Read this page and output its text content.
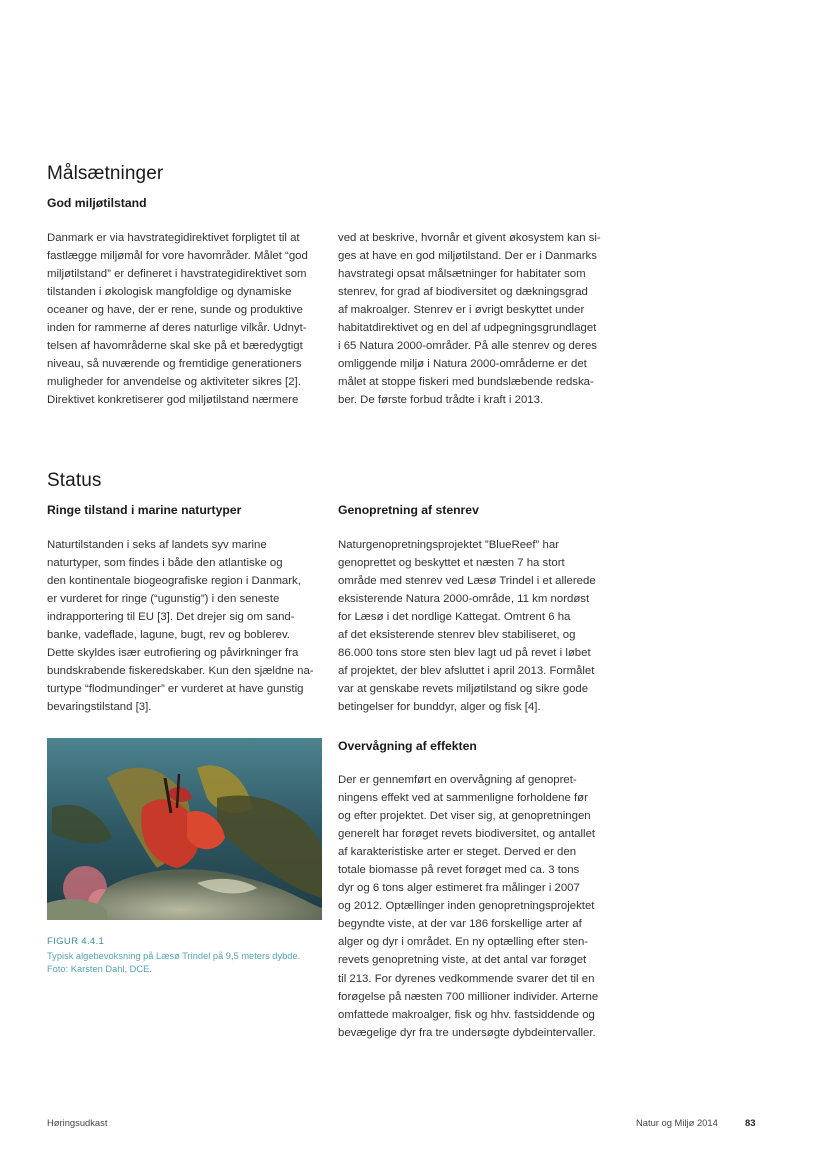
Målsætninger
God miljøtilstand
Danmark er via havstrategidirektivet forpligtet til at
fastlægge miljømål for vore havområder. Målet “god
miljøtilstand” er defineret i havstrategidirektivet som
tilstanden i økologisk mangfoldige og dynamiske
oceaner og have, der er rene, sunde og produktive
inden for rammerne af deres naturlige vilkår. Udnyt-
telsen af havområderne skal ske på et bæredygtigt
niveau, så nuværende og fremtidige generationers
muligheder for anvendelse og aktiviteter sikres [2].
Direktivet konkretiserer god miljøtilstand nærmere
ved at beskrive, hvornår et givent økosystem kan si-
ges at have en god miljøtilstand. Der er i Danmarks
havstrategi opsat målsætninger for habitater som
stenrev, for grad af biodiversitet og dækningsgrad
af makroalger. Stenrev er i øvrigt beskyttet under
habitatdirektivet og en del af udpegningsgrundlaget
i 65 Natura 2000-områder. På alle stenrev og deres
omliggende miljø i Natura 2000-områderne er det
målet at stoppe fiskeri med bundslæbende redska-
ber. De første forbud trådte i kraft i 2013.
Status
Ringe tilstand i marine naturtyper	Genopretning af stenrev
Naturtilstanden i seks af landets syv marine
naturtyper, som findes i både den atlantiske og
den kontinentale biogeografiske region i Danmark,
er vurderet for ringe (“ugunstig”) i den seneste
indrapportering til EU [3]. Det drejer sig om sand-
banke, vadeflade, lagune, bugt, rev og boblerev.
Dette skyldes især eutrofiering og påvirkninger fra
bundskrabende fiskeredskaber. Kun den sjældne na-
turtype “flodmundinger” er vurderet at have gunstig
bevaringstilstand [3].
Naturgenopretningsprojektet ”BlueReef” har
genoprettet og beskyttet et næsten 7 ha stort
område med stenrev ved Læsø Trindel i et allerede
eksisterende Natura 2000-område, 11 km nordøst
for Læsø i det nordlige Kattegat. Omtrent 6 ha
af det eksisterende stenrev blev stabiliseret, og
86.000 tons store sten blev lagt ud på revet i løbet
af projektet, der blev afsluttet i april 2013. Formålet
var at genskabe revets miljøtilstand og sikre gode
betingelser for bunddyr, alger og fisk [4].
FIGUR 4.4.1
Typisk algebevoksning på Læsø Trindel på 9,5 meters dybde.
Foto: Karsten Dahl, DCE.
Overvågning af effekten
Der er gennemført en overvågning af genopret-
ningens effekt ved at sammenligne forholdene før
og efter projektet. Det viser sig, at genopretningen
generelt har forøget revets biodiversitet, og antallet
af karakteristiske arter er steget. Derved er den
totale biomasse på revet forøget med ca. 3 tons
dyr og 6 tons alger estimeret fra målinger i 2007
og 2012. Optællinger inden genopretningsprojektet
begyndte viste, at der var 186 forskellige arter af
alger og dyr i området. En ny optælling efter sten-
revets genopretning viste, at det antal var forøget
til 213. For dyrenes vedkommende svarer det til en
forøgelse på næsten 700 millioner individer. Arterne
omfattede makroalger, fisk og hhv. fastsiddende og
bevægelige dyr fra tre undersøgte dybdeintervaller.
Høringsudkast	Natur og Miljø 2014	83
